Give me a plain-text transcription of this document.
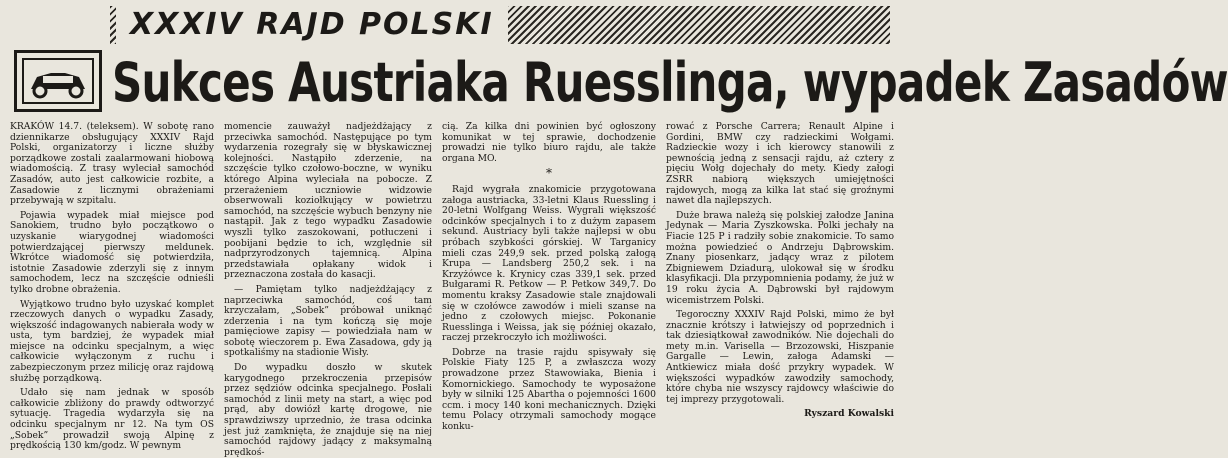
XXXIV RAJD POLSKI
Sukces Austriaka Ruesslinga, wypadek Zasadów

KRAKÓW 14.7. (teleksem). W sobotę rano dziennikarze obsługujący XXXIV Rajd Polski, organizatorzy i liczne służby porządkowe zostali zaalarmowani hiobową wiadomością. Z trasy wyleciał samochód Zasadów, auto jest całkowicie rozbite, a Zasadowie z licznymi obrażeniami przebywają w szpitalu.

Pojawia wypadek miał miejsce pod Sanokiem, trudno było początkowo o uzyskanie wiarygodnej wiadomości potwierdzającej pierwszy meldunek. Wkrótce wiadomość się potwierdziła, istotnie Zasadowie zderzyli się z innym samochodem, lecz na szczęście odnieśli tylko drobne obrażenia.

Wyjątkowo trudno było uzyskać komplet rzeczowych danych o wypadku Zasady, większość indagowanych nabierała wody w usta, tym bardziej, że wypadek miał miejsce na odcinku specjalnym, a więc całkowicie wyłączonym z ruchu i zabezpieczonym przez milicję oraz rajdową służbę porządkową.

Udało się nam jednak w sposób całkowicie zbliżony do prawdy odtworzyć sytuację. Tragedia wydarzyła się na odcinku specjalnym nr 12. Na tym OS „Sobek” prowadził swoją Alpinę z prędkością 130 km/godz. W pewnym

momencie zauważył nadjeżdżający z przeciwka samochód. Następujące po tym wydarzenia rozegrały się w błyskawicznej kolejności. Nastąpiło zderzenie, na szczęście tylko czołowo-boczne, w wyniku którego Alpina wyleciała na pobocze. Z przerażeniem uczniowie widzowie obserwowali koziołkujący w powietrzu samochód, na szczęście wybuch benzyny nie nastąpił. Jak z tego wypadku Zasadowie wyszli tylko zaszokowani, potłuczeni i poobijani będzie to ich, względnie sił nadprzyrodzonych tajemnicą. Alpina przedstawiała opłakany widok i przeznaczona została do kasacji.

— Pamiętam tylko nadjeżdżający z naprzeciwka samochód, coś tam krzyczałam, „Sobek” próbował uniknąć zderzenia i na tym kończą się moje pamięciowe zapisy — powiedziała nam w sobotę wieczorem p. Ewa Zasadowa, gdy ją spotkaliśmy na stadionie Wisły.

Do wypadku doszło w skutek karygodnego przekroczenia przepisów przez sędziów odcinka specjalnego. Posłali samochód z linii mety na start, a więc pod prąd, aby dowiózł kartę drogowe, nie sprawdziwszy uprzednio, że trasa odcinka jest już zamknięta, że znajduje się na niej samochód rajdowy jadący z maksymalną prędkoś-

cią. Za kilka dni powinien być ogłoszony komunikat w tej sprawie, dochodzenie prowadzi nie tylko biuro rajdu, ale także organa MO.

*

Rajd wygrała znakomicie przygotowana załoga austriacka, 33-letni Klaus Ruessling i 20-letni Wolfgang Weiss. Wygrali większość odcinków specjalnych i to z dużym zapasem sekund. Austriacy byli także najlepsi w obu próbach szybkości górskiej. W Targanicy mieli czas 249,9 sek. przed polską załogą Krupa — Landsberg 250,2 sek. i na Krzyżówce k. Krynicy czas 339,1 sek. przed Bułgarami R. Petkow — P. Petkow 349,7. Do momentu kraksy Zasadowie stale znajdowali się w czołówce zawodów i mieli szanse na jedno z czołowych miejsc. Pokonanie Ruesslinga i Weissa, jak się później okazało, raczej przekroczyło ich możliwości.

Dobrze na trasie rajdu spisywały się Polskie Fiaty 125 P, a zwłaszcza wozy prowadzone przez Stawowiaka, Bienia i Komornickiego. Samochody te wyposażone były w silniki 125 Abartha o pojemności 1600 ccm. i mocy 140 koni mechanicznych. Dzięki temu Polacy otrzymali samochody mogące konku-

rować z Porsche Carrera; Renault Alpine i Gordini, BMW czy radzieckimi Wołgami. Radzieckie wozy i ich kierowcy stanowili z pewnością jedną z sensacji rajdu, aż cztery z pięciu Wołg dojechały do mety. Kiedy załogi ZSRR nabiorą większych umiejętności rajdowych, mogą za kilka lat stać się groźnymi nawet dla najlepszych.

Duże brawa należą się polskiej załodze Janina Jedynak — Maria Zyszkowska. Polki jechały na Fiacie 125 P i radziły sobie znakomicie. To samo można powiedzieć o Andrzeju Dąbrowskim. Znany piosenkarz, jadący wraz z pilotem Zbigniewem Dziadurą, ulokował się w środku klasyfikacji. Dla przypomnienia podamy, że już w 19 roku życia A. Dąbrowski był rajdowym wicemistrzem Polski.

Tegoroczny XXXIV Rajd Polski, mimo że był znacznie krótszy i łatwiejszy od poprzednich i tak dziesiątkował zawodników. Nie dojechali do mety m.in. Varisella — Brzozowski, Hiszpanie Gargalle — Lewin, załoga Adamski — Antkiewicz miała dość przykry wypadek. W większości wypadków zawodziły samochody, które chyba nie wszyscy rajdowcy właściwie do tej imprezy przygotowali.

Ryszard Kowalski
